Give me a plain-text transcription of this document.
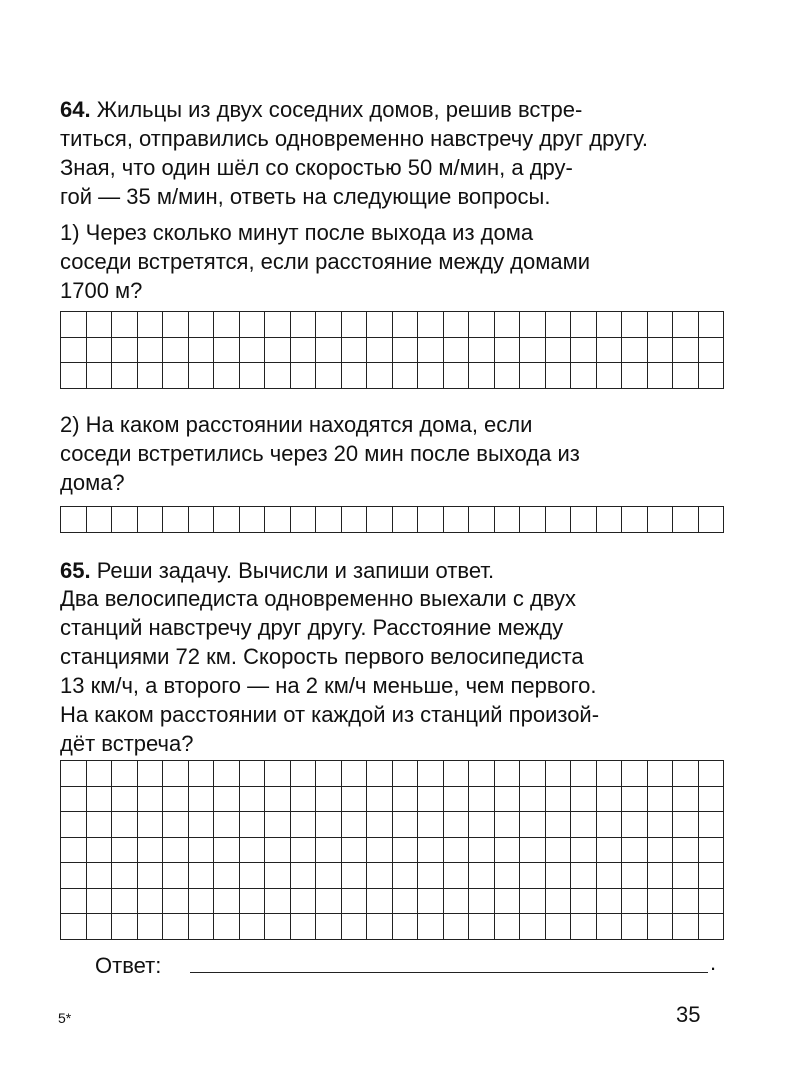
64. Жильцы из двух соседних домов, решив встре-

титься, отправились одновременно навстречу друг другу.

Зная, что один шёл со скоростью 50 м/мин, а дру-

гой — 35 м/мин, ответь на следующие вопросы.

1) Через сколько минут после выхода из дома

соседи встретятся, если расстояние между домами

1700 м?

2) На каком расстоянии находятся дома, если

соседи встретились через 20 мин после выхода из

дома?

65. Реши задачу. Вычисли и запиши ответ.

Два велосипедиста одновременно выехали с двух

станций навстречу друг другу. Расстояние между

станциями 72 км. Скорость первого велосипедиста

13 км/ч, а второго — на 2 км/ч меньше, чем первого.

На каком расстоянии от каждой из станций произой-

дёт встреча?

Ответ:	.
35
5*
